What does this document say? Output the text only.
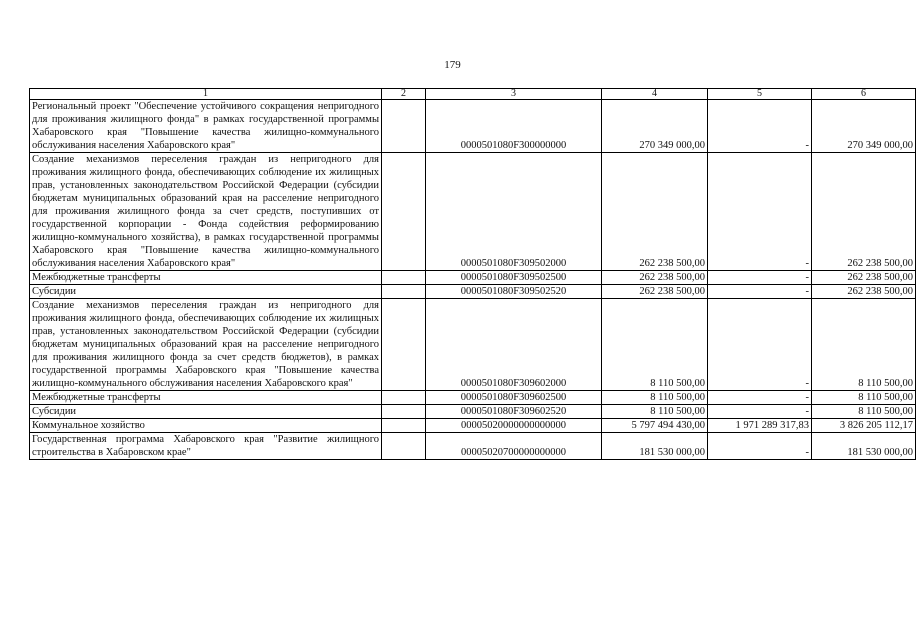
179
1	2	3	4	5	6
Региональный проект "Обеспечение устойчивого сокращения непригодного для проживания жилищного фонда" в рамках государственной программы Хабаровского края "Повышение качества жилищно-коммунального обслуживания населения Хабаровского края"		0000501080F300000000	270 349 000,00	-	270 349 000,00
Создание механизмов переселения граждан из непригодного для проживания жилищного фонда, обеспечивающих соблюдение их жилищных прав, установленных законодательством Российской Федерации (субсидии бюджетам муниципальных образований края на расселение непригодного для проживания жилищного фонда за счет средств, поступивших от государственной корпорации - Фонда содействия реформированию жилищно-коммунального хозяйства), в рамках государственной программы Хабаровского края "Повышение качества жилищно-коммунального обслуживания населения Хабаровского края"		0000501080F309502000	262 238 500,00	-	262 238 500,00
Межбюджетные трансферты		0000501080F309502500	262 238 500,00	-	262 238 500,00
Субсидии		0000501080F309502520	262 238 500,00	-	262 238 500,00
Создание механизмов переселения граждан из непригодного для проживания жилищного фонда, обеспечивающих соблюдение их жилищных прав, установленных законодательством Российской Федерации (субсидии бюджетам муниципальных образований края на расселение непригодного для проживания жилищного фонда за счет средств бюджетов), в рамках государственной программы Хабаровского края "Повышение качества жилищно-коммунального обслуживания населения Хабаровского края"		0000501080F309602000	8 110 500,00	-	8 110 500,00
Межбюджетные трансферты		0000501080F309602500	8 110 500,00	-	8 110 500,00
Субсидии		0000501080F309602520	8 110 500,00	-	8 110 500,00
Коммунальное хозяйство		00005020000000000000	5 797 494 430,00	1 971 289 317,83	3 826 205 112,17
Государственная программа Хабаровского края "Развитие жилищного строительства в Хабаровском крае"		00005020700000000000	181 530 000,00	-	181 530 000,00
